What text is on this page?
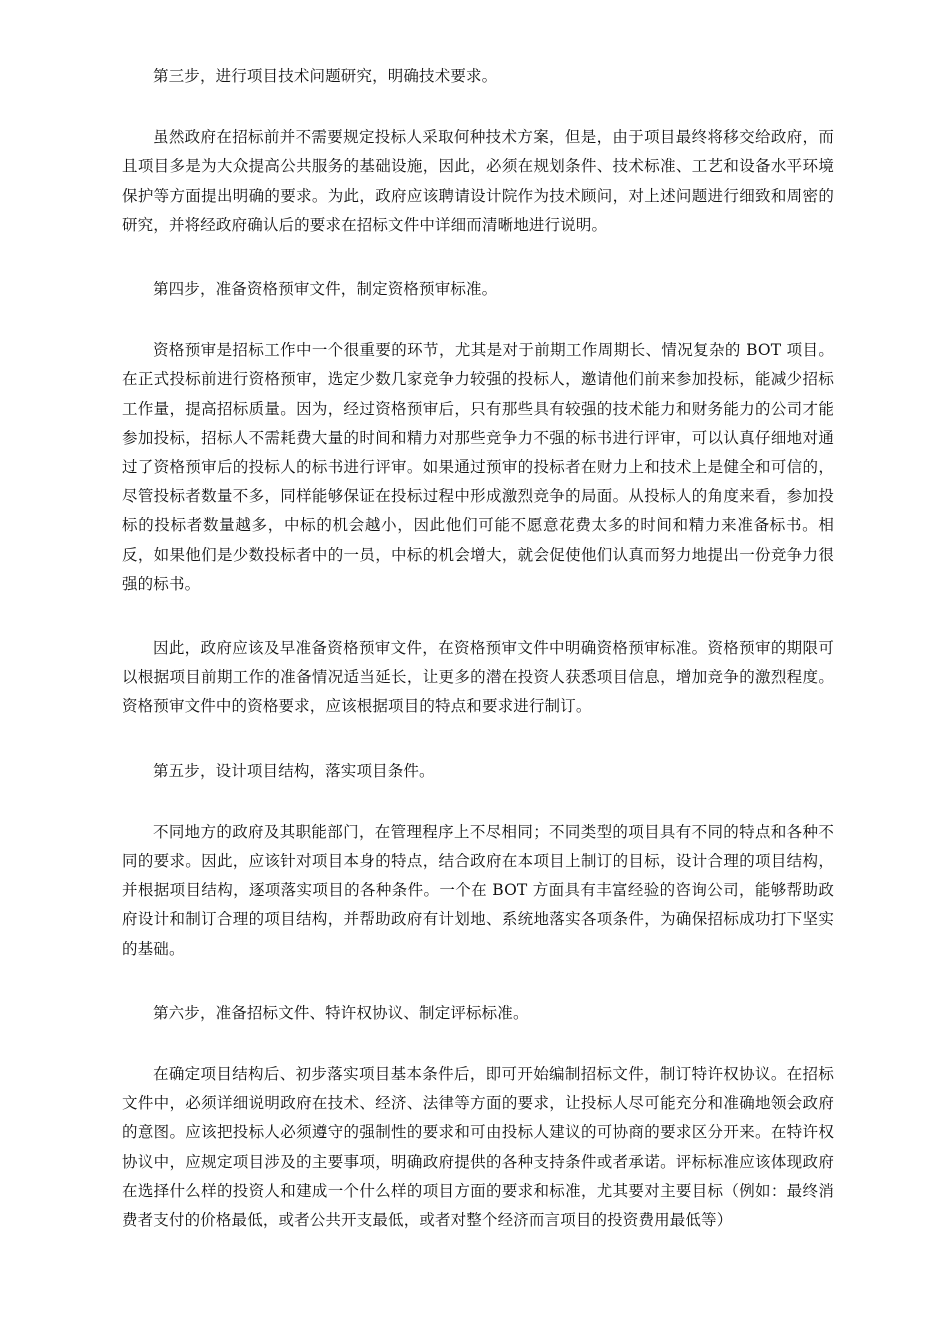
第三步，进行项目技术问题研究，明确技术要求。

虽然政府在招标前并不需要规定投标人采取何种技术方案，但是，由于项目最终将移交给政府，而且项目多是为大众提高公共服务的基础设施，因此，必须在规划条件、技术标准、工艺和设备水平环境保护等方面提出明确的要求。为此，政府应该聘请设计院作为技术顾问，对上述问题进行细致和周密的研究，并将经政府确认后的要求在招标文件中详细而清晰地进行说明。

第四步，准备资格预审文件，制定资格预审标准。

资格预审是招标工作中一个很重要的环节，尤其是对于前期工作周期长、情况复杂的 BOT 项目。在正式投标前进行资格预审，选定少数几家竞争力较强的投标人，邀请他们前来参加投标，能减少招标工作量，提高招标质量。因为，经过资格预审后，只有那些具有较强的技术能力和财务能力的公司才能参加投标，招标人不需耗费大量的时间和精力对那些竞争力不强的标书进行评审，可以认真仔细地对通过了资格预审后的投标人的标书进行评审。如果通过预审的投标者在财力上和技术上是健全和可信的，尽管投标者数量不多，同样能够保证在投标过程中形成激烈竞争的局面。从投标人的角度来看，参加投标的投标者数量越多，中标的机会越小，因此他们可能不愿意花费太多的时间和精力来准备标书。相反，如果他们是少数投标者中的一员，中标的机会增大，就会促使他们认真而努力地提出一份竞争力很强的标书。

因此，政府应该及早准备资格预审文件，在资格预审文件中明确资格预审标准。资格预审的期限可以根据项目前期工作的准备情况适当延长，让更多的潜在投资人获悉项目信息，增加竞争的激烈程度。资格预审文件中的资格要求，应该根据项目的特点和要求进行制订。

第五步，设计项目结构，落实项目条件。

不同地方的政府及其职能部门，在管理程序上不尽相同；不同类型的项目具有不同的特点和各种不同的要求。因此，应该针对项目本身的特点，结合政府在本项目上制订的目标，设计合理的项目结构，并根据项目结构，逐项落实项目的各种条件。一个在 BOT 方面具有丰富经验的咨询公司，能够帮助政府设计和制订合理的项目结构，并帮助政府有计划地、系统地落实各项条件，为确保招标成功打下坚实的基础。

第六步，准备招标文件、特许权协议、制定评标标准。

在确定项目结构后、初步落实项目基本条件后，即可开始编制招标文件，制订特许权协议。在招标文件中，必须详细说明政府在技术、经济、法律等方面的要求，让投标人尽可能充分和准确地领会政府的意图。应该把投标人必须遵守的强制性的要求和可由投标人建议的可协商的要求区分开来。在特许权协议中，应规定项目涉及的主要事项，明确政府提供的各种支持条件或者承诺。评标标准应该体现政府在选择什么样的投资人和建成一个什么样的项目方面的要求和标准，尤其要对主要目标（例如：最终消费者支付的价格最低，或者公共开支最低，或者对整个经济而言项目的投资费用最低等）
